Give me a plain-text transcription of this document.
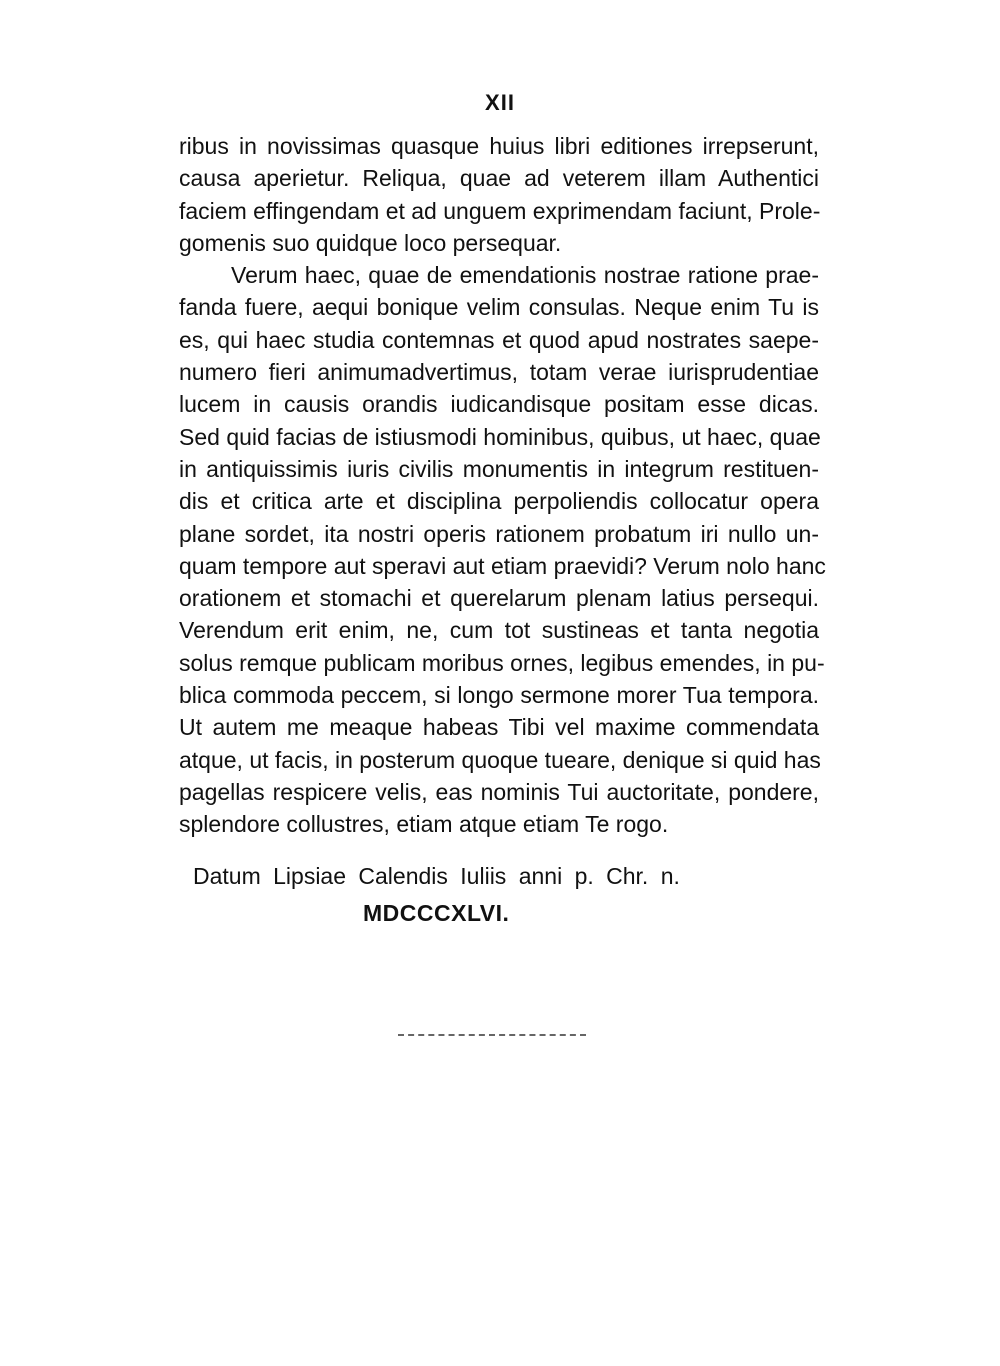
XII
ribus in novissimas quasque huius libri editiones irrepserunt,
causa aperietur. Reliqua, quae ad veterem illam Authentici
faciem effingendam et ad unguem exprimendam faciunt, Prole-
gomenis suo quidque loco persequar.
Verum haec, quae de emendationis nostrae ratione prae-
fanda fuere, aequi bonique velim consulas. Neque enim Tu is
es, qui haec studia contemnas et quod apud nostrates saepe-
numero fieri animumadvertimus, totam verae iurisprudentiae
lucem in causis orandis iudicandisque positam esse dicas.
Sed quid facias de istiusmodi hominibus, quibus, ut haec, quae
in antiquissimis iuris civilis monumentis in integrum restituen-
dis et critica arte et disciplina perpoliendis collocatur opera
plane sordet, ita nostri operis rationem probatum iri nullo un-
quam tempore aut speravi aut etiam praevidi? Verum nolo hanc
orationem et stomachi et querelarum plenam latius persequi.
Verendum erit enim, ne, cum tot sustineas et tanta negotia
solus remque publicam moribus ornes, legibus emendes, in pu-
blica commoda peccem, si longo sermone morer Tua tempora.
Ut autem me meaque habeas Tibi vel maxime commendata
atque, ut facis, in posterum quoque tueare, denique si quid has
pagellas respicere velis, eas nominis Tui auctoritate, pondere,
splendore collustres, etiam atque etiam Te rogo.
Datum Lipsiae Calendis Iuliis anni p. Chr. n.
MDCCCXLVI.
